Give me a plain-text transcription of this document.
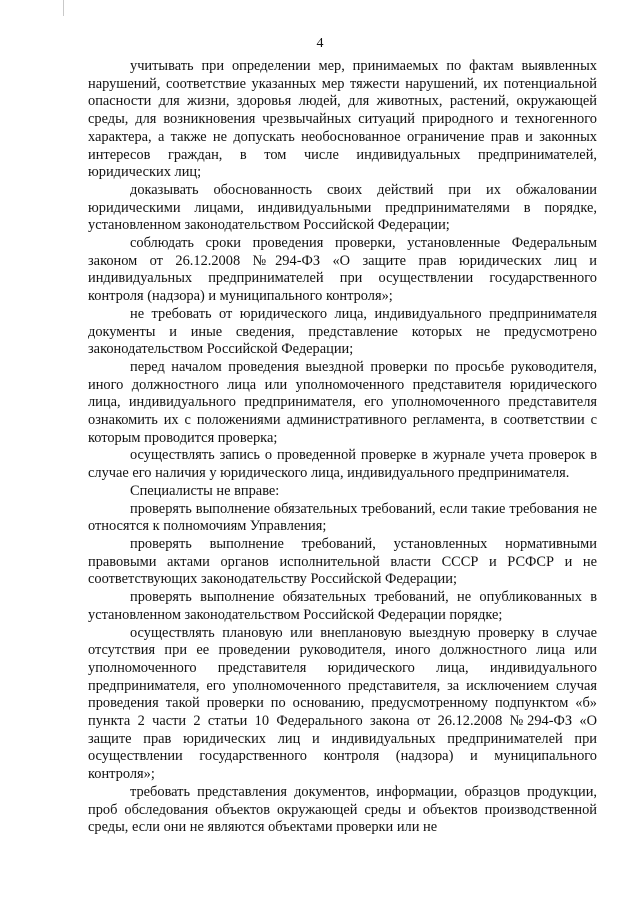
4

учитывать при определении мер, принимаемых по фактам выявленных нарушений, соответствие указанных мер тяжести нарушений, их потенциальной опасности для жизни, здоровья людей, для животных, растений, окружающей среды, для возникновения чрезвычайных ситуаций природного и техногенного характера, а также не допускать необоснованное ограничение прав и законных интересов граждан, в том числе индивидуальных предпринимателей, юридических лиц;

доказывать обоснованность своих действий при их обжаловании юридическими лицами, индивидуальными предпринимателями в порядке, установленном законодательством Российской Федерации;

соблюдать сроки проведения проверки, установленные Федеральным законом от 26.12.2008 №294-ФЗ «О защите прав юридических лиц и индивидуальных предпринимателей при осуществлении государственного контроля (надзора) и муниципального контроля»;

не требовать от юридического лица, индивидуального предпринимателя документы и иные сведения, представление которых не предусмотрено законодательством Российской Федерации;

перед началом проведения выездной проверки по просьбе руководителя, иного должностного лица или уполномоченного представителя юридического лица, индивидуального предпринимателя, его уполномоченного представителя ознакомить их с положениями административного регламента, в соответствии с которым проводится проверка;

осуществлять запись о проведенной проверке в журнале учета проверок в случае его наличия у юридического лица, индивидуального предпринимателя.

Специалисты не вправе:

проверять выполнение обязательных требований, если такие требования не относятся к полномочиям Управления;

проверять выполнение требований, установленных нормативными правовыми актами органов исполнительной власти СССР и РСФСР и не соответствующих законодательству Российской Федерации;

проверять выполнение обязательных требований, не опубликованных в установленном законодательством Российской Федерации порядке;

осуществлять плановую или внеплановую выездную проверку в случае отсутствия при ее проведении руководителя, иного должностного лица или уполномоченного представителя юридического лица, индивидуального предпринимателя, его уполномоченного представителя, за исключением случая проведения такой проверки по основанию, предусмотренному подпунктом «б» пункта 2 части 2 статьи 10 Федерального закона от 26.12.2008 №294-ФЗ «О защите прав юридических лиц и индивидуальных предпринимателей при осуществлении государственного контроля (надзора) и муниципального контроля»;

требовать представления документов, информации, образцов продукции, проб обследования объектов окружающей среды и объектов производственной среды, если они не являются объектами проверки или не
